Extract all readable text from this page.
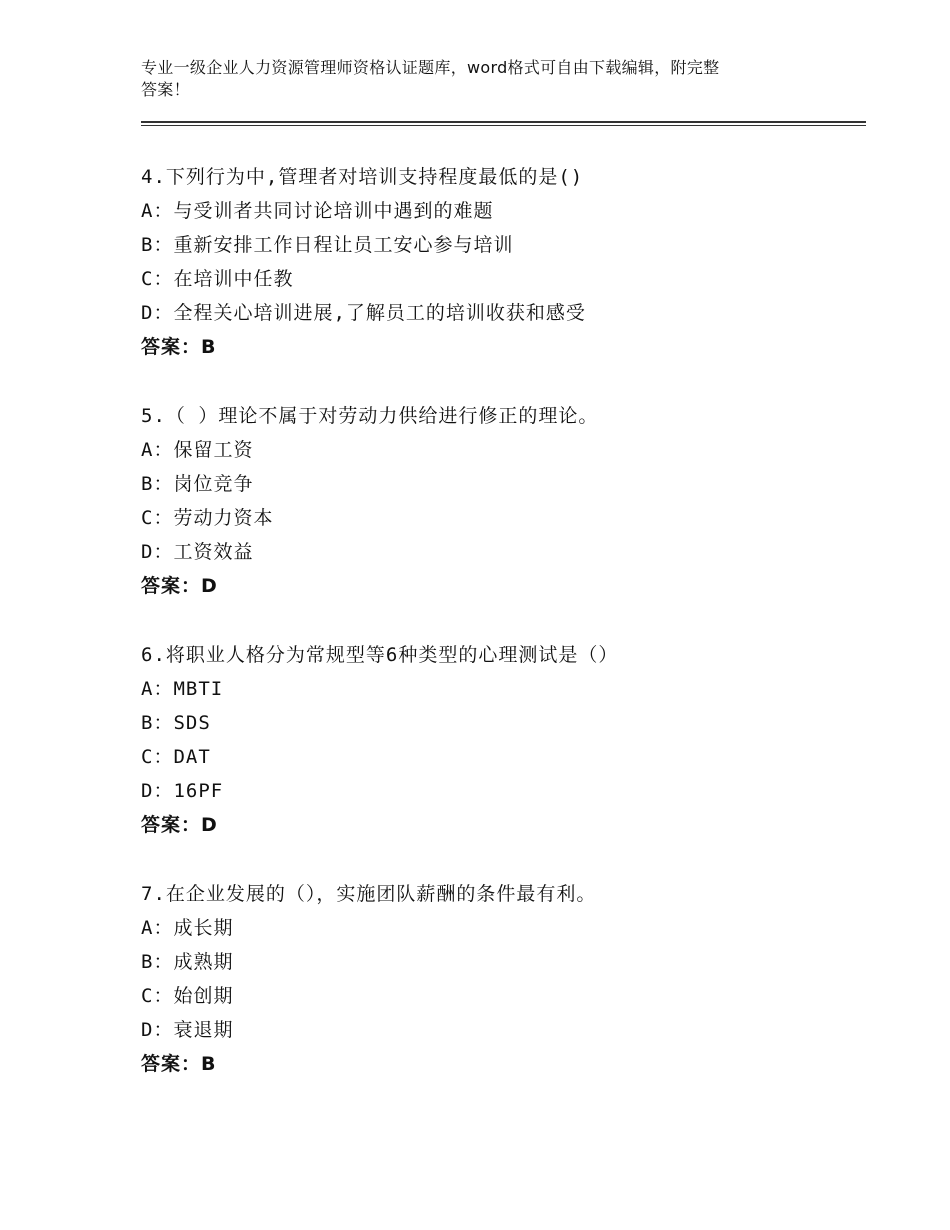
专业一级企业人力资源管理师资格认证题库，word格式可自由下载编辑，附完整
答案！
4.下列行为中,管理者对培训支持程度最低的是()
A：与受训者共同讨论培训中遇到的难题
B：重新安排工作日程让员工安心参与培训
C：在培训中任教
D：全程关心培训进展,了解员工的培训收获和感受
答案：B
5.（ ）理论不属于对劳动力供给进行修正的理论。
A：保留工资
B：岗位竞争
C：劳动力资本
D：工资效益
答案：D
6.将职业人格分为常规型等6种类型的心理测试是（）
A：MBTI
B：SDS
C：DAT
D：16PF
答案：D
7.在企业发展的（），实施团队薪酬的条件最有利。
A：成长期
B：成熟期
C：始创期
D：衰退期
答案：B
